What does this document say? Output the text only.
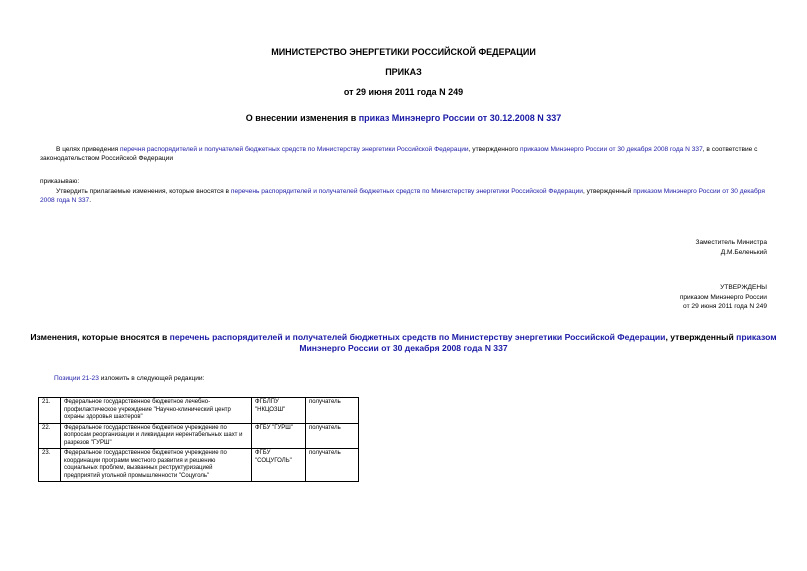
МИНИСТЕРСТВО ЭНЕРГЕТИКИ РОССИЙСКОЙ ФЕДЕРАЦИИ
ПРИКАЗ
от 29 июня 2011 года N 249
О внесении изменения в приказ Минэнерго России от 30.12.2008 N 337
В целях приведения перечня распорядителей и получателей бюджетных средств по Министерству энергетики Российской Федерации, утвержденного приказом Минэнерго России от 30 декабря 2008 года N 337, в соответствие с законодательством Российской Федерации
приказываю:
Утвердить прилагаемые изменения, которые вносятся в перечень распорядителей и получателей бюджетных средств по Министерству энергетики Российской Федерации, утвержденный приказом Минэнерго России от 30 декабря 2008 года N 337.
Заместитель Министра
Д.М.Беленький
УТВЕРЖДЕНЫ
приказом Минэнерго России
от 29 июня 2011 года N 249
Изменения, которые вносятся в перечень распорядителей и получателей бюджетных средств по Министерству энергетики Российской Федерации, утвержденный приказом Минэнерго России от 30 декабря 2008 года N 337
Позиции 21-23 изложить в следующей редакции:
21.	Федеральное государственное бюджетное лечебно-профилактическое учреждение "Научно-клинический центр охраны здоровья шахтеров"	ФГБЛПУ "НКЦОЗШ"	получатель
22.	Федеральное государственное бюджетное учреждение по вопросам реорганизации и ликвидации нерентабельных шахт и разрезов "ГУРШ"	ФГБУ "ГУРШ"	получатель
23.	Федеральное государственное бюджетное учреждение по координации программ местного развития и решению социальных проблем, вызванных реструктуризацией предприятий угольной промышленности "Соцуголь"	ФГБУ "СОЦУГОЛЬ"	получатель
